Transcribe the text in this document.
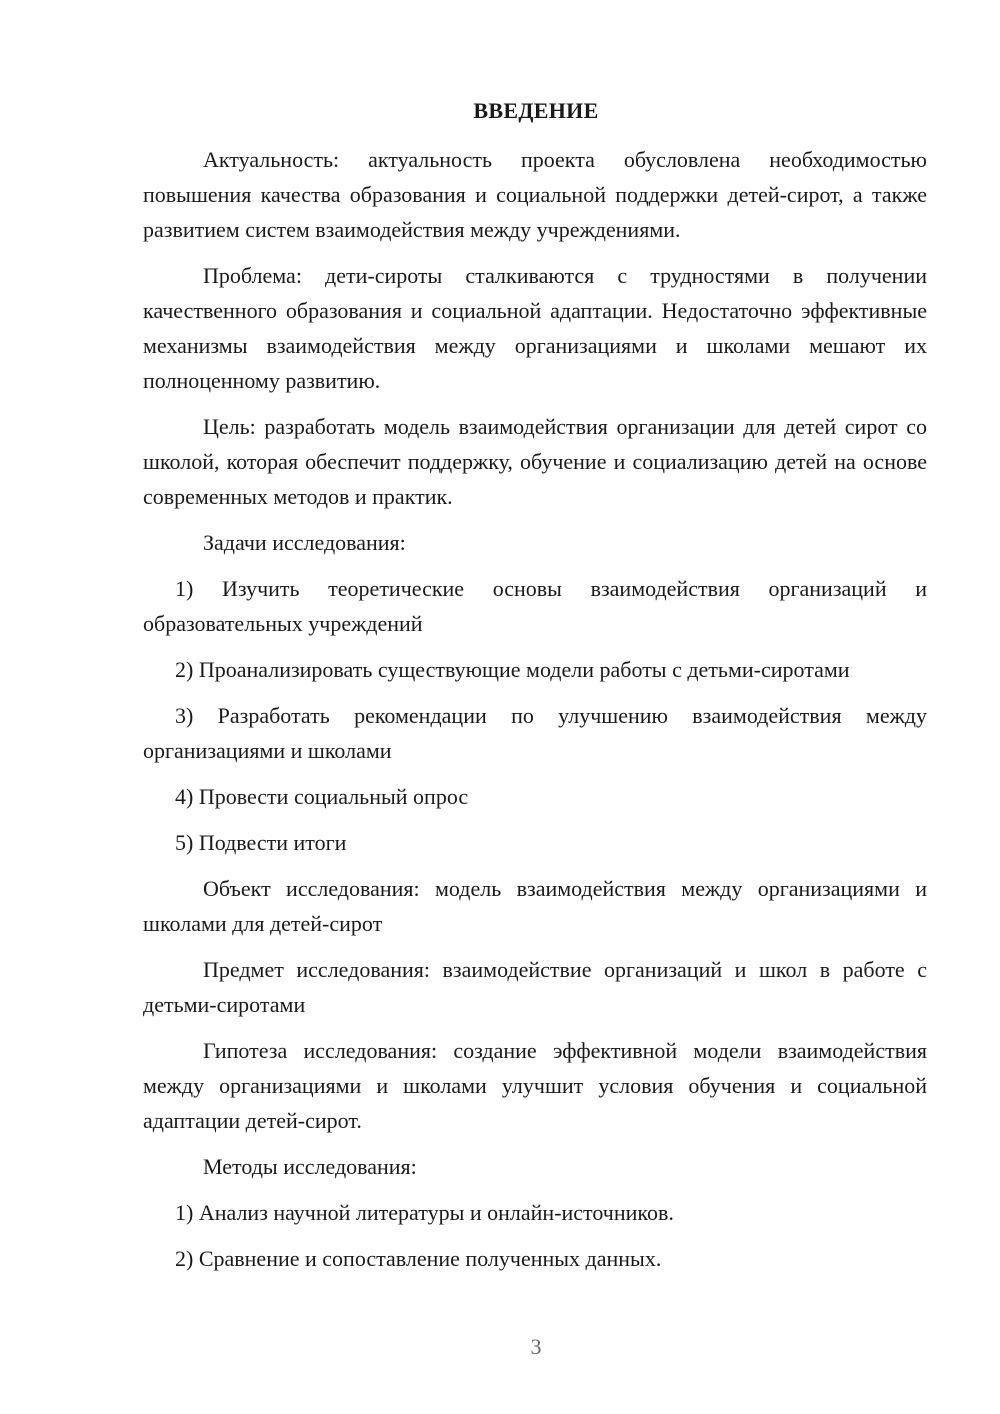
ВВЕДЕНИЕ

Актуальность: актуальность проекта обусловлена необходимостью повышения качества образования и социальной поддержки детей-сирот, а также развитием систем взаимодействия между учреждениями.

Проблема: дети-сироты сталкиваются с трудностями в получении качественного образования и социальной адаптации. Недостаточно эффективные механизмы взаимодействия между организациями и школами мешают их полноценному развитию.

Цель: разработать модель взаимодействия организации для детей сирот со школой, которая обеспечит поддержку, обучение и социализацию детей на основе современных методов и практик.

Задачи исследования:

1) Изучить теоретические основы взаимодействия организаций и образовательных учреждений

2) Проанализировать существующие модели работы с детьми-сиротами

3) Разработать рекомендации по улучшению взаимодействия между организациями и школами

4) Провести социальный опрос

5) Подвести итоги

Объект исследования: модель взаимодействия между организациями и школами для детей-сирот

Предмет исследования: взаимодействие организаций и школ в работе с детьми-сиротами

Гипотеза исследования: создание эффективной модели взаимодействия между организациями и школами улучшит условия обучения и социальной адаптации детей-сирот.

Методы исследования:

1) Анализ научной литературы и онлайн-источников.

2) Сравнение и сопоставление полученных данных.

3
